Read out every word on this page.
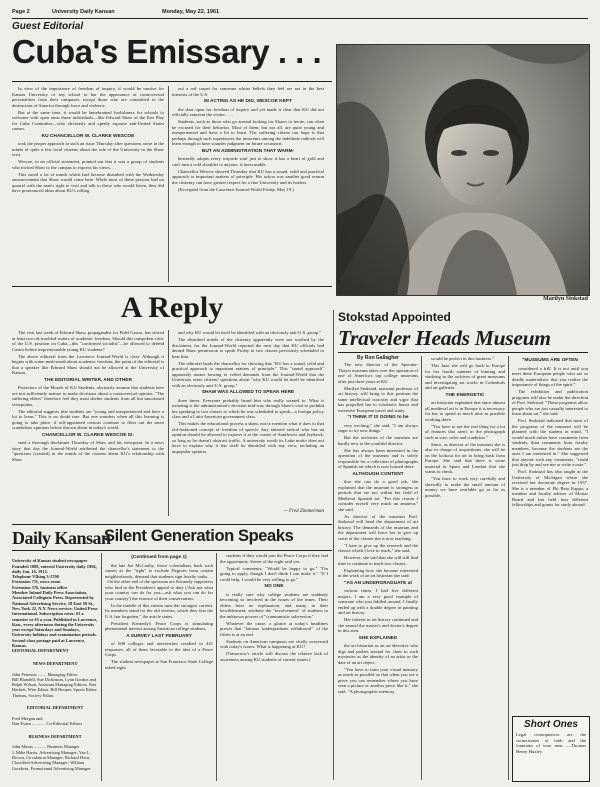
Page 2	University Daily Kansan	Monday, May 22, 1961
Guest Editorial
Cuba's Emissary . . .

In view of the importance of freedom of inquiry, it would be unwise for Kansas University or any school to bar the appearance of controversial personalities from their campuses, except those who are committed to the destruction of America through force and violence.

But at the same time, it would be lamebrained foolishness for schools to welcome with open arms those individuals—like Edward Shaw of the Fair Play for Cuba Committee—who obviously and openly espouse anti-United States causes.

KU CHANCELLOR W. CLARKE WESCOE

took the proper approach to such an issue Thursday after questions arose in the minds of quite a few local citizens about the role of the University in the Shaw visit.

Wescoe, in an official statement, pointed out that it was a group of students who invited Shaw to the campus to express his views. . .

This eased a lot of minds which had become disturbed with the Wednesday announcement that Shaw would come here. While most of these persons had no quarrel with the man's right to visit and talk to those who would listen, they did have pronounced ideas about KU's rolling

out a red carpet for someone whose beliefs they feel are not in the best interests of the U.S.

IN ACTING AS HE DID, WESCOE KEPT

the door open for freedom of inquiry and yet made it clear that KU did not officially sanction the visitor. . . .

Students, such as those who go around looking for Shaws to invite, can often be excused for their behavior. Most of them, but not all, are quite young and inexperienced and have a lot to learn. The suffering citizen can hope is that perhaps through such experiences the innocents among the indefinite radicals will learn enough to have sounder judgment on future occasions.

BUT AN ADMINISTRATION THAT WARM-

heartedly adopts every wayside waif just to show it has a heart of gold and can't turn a cold shoulder to anyone, is inexcusable.

Chancellor Wescoe showed Thursday that KU has a sound, solid and practical approach to important matters of principle. His action was another good reason the citizenry can have greater respect for a fine University and its leaders.

(Excerpted from the Lawrence Journal-World Friday, May 19.)

Marilyn Stokstad
A Reply

The visit last week of Edward Shaw, propagandist for Fidel Castro, has stirred at least two oft-troubled waters of academic freedom. Should this outspoken critic of the U.S. position on Cuba—this "confirmed socialist"—be allowed to defend Castro before impressionable young KU students?

The above editorial from the Lawrence Journal-World is clear. Although it begins with some mish-mash about academic freedom, the point of the editorial is that a speaker like Edward Shaw should not be allowed at the University of Kansas.

THE EDITORIAL WRITER, AND OTHER

Protectors of the Morals of KU Students, obviously assume that students here are not sufficiently mature to make decisions about a controversial opinion. "The suffering elders" therefore feel they must shelter students from all but sanctioned viewpoints.

The editorial suggests that students are "young and inexperienced and have a lot to learn." This is no doubt true. But one wonders when all this learning is going to take place, if self-appointed censors continue to filter out the more scandalous opinions before thrown about in today's world.

CHANCELLOR W. CLARKE WESCOE IS-

sued a thorough disclaimer Thursday of Shaw and his viewpoint. In a news story that day the Journal-World attributed the chancellor's statement to the "questions (created) in the minds of the citizens about KU's relationship with Shaw

and why KU would let itself be identified with an obviously anti-U.S. group."

The disturbed minds of the citizenry apparently were not soothed by the disclaimer, for the Journal-World reported the next day that KU officials had denied Shaw permission to speak Friday in two classes previously scheduled to hear him.

The editorial lauds the chancellor for showing that "KU has a sound, solid and practical approach to important matters of principle." This "sound approach" apparently means bowing to veiled demands from the Journal-World that the University erase citizens' questions about "why KU would let itself be identified with an obviously anti-U.S. group."

SHAW WAS ALLOWED TO SPEAK HERE

three times. Everyone probably heard him who really wanted to. What is irritating is the administration's decision mid-way through Shaw's visit to prohibit his speaking to two classes to which he was scheduled to speak—a foreign policy class and a Latin American government class.

This makes the educational process a sham, not to mention what it does to that old-fashioned concept of freedom of speech. Any tattered radical who has an opinion should be allowed to express it at the corner of Sunflower and Jayhawk, so long as he doesn't obstruct traffic. A university worth its Latin motto does not have to explain why it lets itself be identified with any view, including an unpopular opinion.

— Fred Zimmerman
Stokstad Appointed
Traveler Heads Museum
By Ron Gallagher

The new director of the Spooner-Thayer museum takes over the operation of one of America's top college museums after just three years at KU.

Marilyn Stokstad, assistant professor of art history, will bring to this position the same intellectual curiosity and vigor that has propelled her to scholastic honor and extensive European travel and study.

"I THINK IT IS GOING to be

very exciting," she said. "I am always eager to try new things."

But the activities of the museum are hardly new to the youthful director.

She has always been interested in the operation of the museum and is solely responsible for a collection of photographs of Spanish art which is now housed there.

ALTHOUGH CONTENT

that she can do a good job, she explained that the museum is strongest in periods that are not within her field of Medieval Spanish art. "For this reason I consider myself very much an amateur," she said.

As director of the museum Prof. Stokstad will head the department of art history. The demands of the museum and the department will force her to give up some of the classes she is now teaching.

"I hate to give up the research and the classes which I love to teach," she said.

However, she said that she will still find time to continue to teach two classes.

Explaining how she became interested in the work of an art historian she said:

"AS AN UNDERGRADUATE at

various times, I had five different majors. I am a very good example of someone who just fiddled around. I finally ended up with a double degree in painting and art history.

Her interest in art history continued and she earned the master's and doctor's degree in this area.

SHE EXPLAINED

the art historian as an art detective who digs and probes around for clues to such mysteries as the identity of an artist or the date of an art object.

"You have to train your visual memory as much as possible so that when you see a piece you can remember where you have seen a picture or another piece like it," she said. "A photographic memory

would be perfect in this business."

This June she will go back to Europe for her fourth summer of hunting and studying in the archives of great museums and investigating art works in Cathedrals and art galleries.

THE ENERGETIC

art historian explained that since almost all medieval art is in Europe it is necessary for her to spend as much time as possible working there.

"You have to see the real thing for a lot of features that aren't in the photograph such as size, color and condition."

Since, as director of the museum she is also in charge of acquisitions, she will be on the lookout for art to bring back from Europe. She said that there is some material in Spain and London that she wants to check.

"You have to work very carefully and shrewdly to make the small amount of money we have available go as far as possible.

"MUSEUMS ARE OFTEN

considered a frill. It is not until you meet these European people who are so deadly materialistic that you realize the importance of things of the spirit."

The exhibition and publication programs will also be under the direction of Prof. Stokstad. "These programs allow people who are just casually interested to learn about art," she said.

Prof. Stokstad indicated that most of the programs of the museum will be planned with the student in mind. "I would much rather have comments from students, than comments from faculty members, because the students are the ones I am interested in." She suggested that anyone with any comments, "could just drop by and see me or write a note."

Prof. Stokstad has also taught at the University of Michigan where she received her doctorate degree in 1957. She is a member of Phi Beta Kappa, a member and faculty adviser of Mortar Board and has held four different fellowships and grants for study abroad.

Short Ones
Legal consequences are the cornerstones of faith and the fountains of wise men. —Thomas Henry Huxley
Daily Kansan
Silent Generation Speaks

University of Kansas student newspaper
Founded 1889, entered University daily 1904, daily Jan. 16, 1912.
Telephone VIking 3-2700
Extension 711, news room
Extension 376, business office
Member Inland Daily Press Association, Associated Collegiate Press. Represented by National Advertising Service, 18 East 50 St., New York 22, N.Y. News service: United Press International. Subscription rates: $3 a semester or $5 a year. Published in Lawrence, Kan., every afternoon during the University year except Saturdays and Sundays, University holidays and examination periods. Second class postage paid at Lawrence, Kansas.
EDITORIAL DEPARTMENT

NEWS DEPARTMENT

John Peterson ........ Managing Editor
Bill Blundell, Sue Dickinson, Lynn Gordon and Ralph Wilson, Assistant Managing Editors. Ron Hackett, Wire Editor. Bill Hooper, Sports Editor. Thomas, Society Editor.

EDITORIAL DEPARTMENT

Fred Morgan and
Dan Evans ............ Co-Editorial Editors

BUSINESS DEPARTMENT

John Masus ........... Business Manager
J. Mike Harris, Advertising Manager; Van L. Brown, Circulation Manager; Richard Horn, Classified Advertising Manager; William Goodwin, Promotional Advertising Manager.

(Continued from page 1)

the late Joe McCarthy, fierce colonialism, back such causes as the "right" to exclude Negroes from certain neighborhoods, demand that students sign loyalty oaths. . . . On the other end of the spectrum are Kennedy supporters who find in the President's appeal to duty ('Ask not what your country can do for you—ask what you can do for your country') the essence of their conservatism.

In the middle of this stream runs the strongest current. Its members stand for the old verities, which they fear the U.S. has forgotten," the article states.

President Kennedy's Peace Corps is stimulating phenomenal interest among American college students.

A SURVEY LAST FEBRUARY

of 608 colleges and universities resulted in 441 responses, all of them favorable to the idea of a Peace Corps.

The student newspaper at San Francisco State College asked eight

students if they would join the Peace Corps if they had the opportunity. Seven of the eight said yes.

Typical comments: "Would be happy to go." "I'm going to apply, though I don't think I can make it." "If I could help, I would be very willing to go."

NO ONE

is really sure why college students are suddenly becoming so involved in the issues of the times. Their elders have no explanation, and many, in their bewilderment, attribute the "involvement" of students to the unknown powers of "communistic subversion."

Whatever the cause, a glance at today's headlines proves that "famous 'undergraduate withdrawal'" of the fifties is at an end.

Students on American campuses are vitally concerned with today's issues. What is happening at KU?

(Tomorrow's article will discuss the relative lack of awareness among KU students of current issues.)
